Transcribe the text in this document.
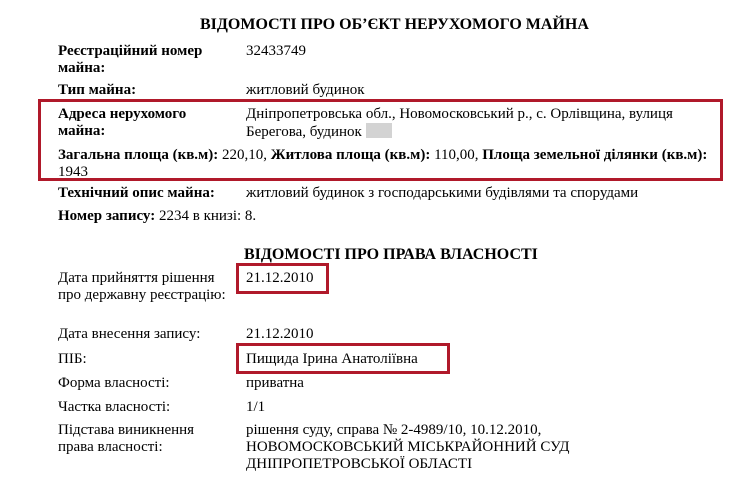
ВІДОМОСТІ ПРО ОБ’ЄКТ НЕРУХОМОГО МАЙНА
Реєстраційний номер майна:
32433749
Тип майна:	житловий будинок
Адреса нерухомого майна:
Дніпропетровська обл., Новомосковський р., с. Орлівщина, вулиця Берегова, будинок
Загальна площа (кв.м): 220,10, Житлова площа (кв.м): 110,00, Площа земельної ділянки (кв.м): 1943
Технічний опис майна: житловий будинок з господарськими будівлями та спорудами
Номер запису: 2234 в книзі: 8.
ВІДОМОСТІ ПРО ПРАВА ВЛАСНОСТІ
Дата прийняття рішення про державну реєстрацію:
21.12.2010
Дата внесення запису:	21.12.2010
ПІБ:	Пищида Ірина Анатоліївна
Форма власності:	приватна
Частка власності:	1/1
Підстава виникнення права власності:
рішення суду, справа № 2-4989/10, 10.12.2010, НОВОМОСКОВСЬКИЙ МІСЬКРАЙОННИЙ СУД ДНІПРОПЕТРОВСЬКОЇ ОБЛАСТІ
